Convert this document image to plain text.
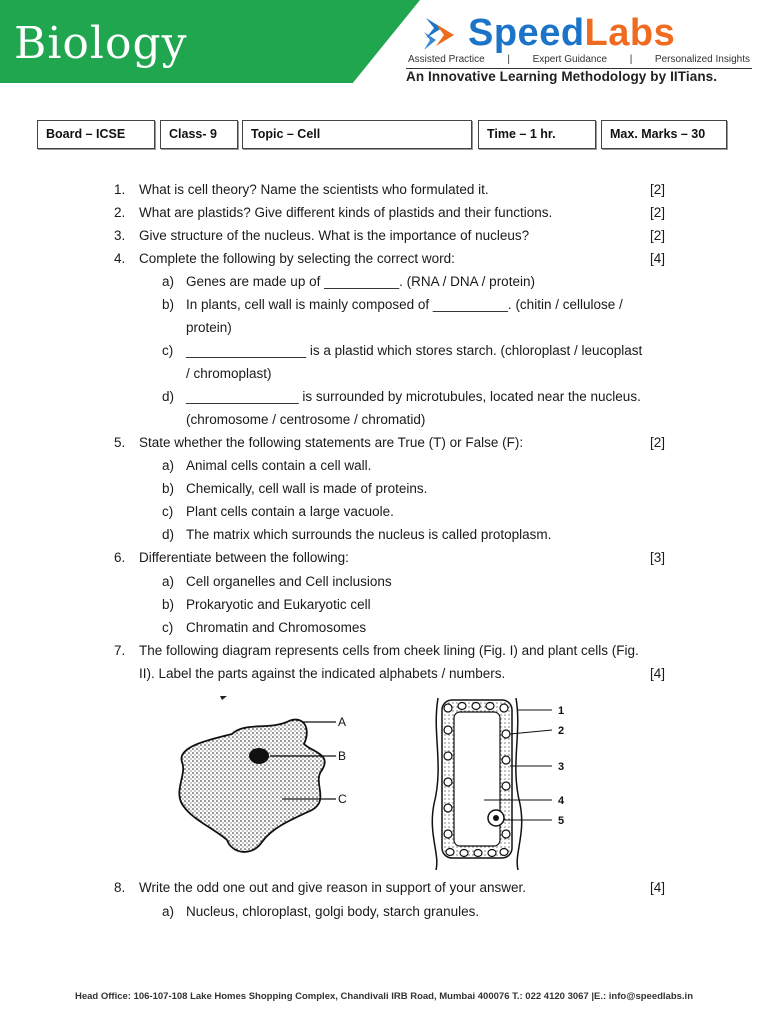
Biology	SpeedLabs
Assisted Practice | Expert Guidance | Personalized Insights
An Innovative Learning Methodology by IITians.
Board – ICSE	Class- 9	Topic – Cell	Time – 1 hr.	Max. Marks – 30
1. What is cell theory? Name the scientists who formulated it.	[2]
2. What are plastids? Give different kinds of plastids and their functions.	[2]
3. Give structure of the nucleus. What is the importance of nucleus?	[2]
4. Complete the following by selecting the correct word:	[4]
a) Genes are made up of __________. (RNA / DNA / protein)
b) In plants, cell wall is mainly composed of __________. (chitin / cellulose /
protein)
c) ________________ is a plastid which stores starch. (chloroplast / leucoplast
/ chromoplast)
d) _______________ is surrounded by microtubules, located near the nucleus.
(chromosome / centrosome / chromatid)
5. State whether the following statements are True (T) or False (F):	[2]
a) Animal cells contain a cell wall.
b) Chemically, cell wall is made of proteins.
c) Plant cells contain a large vacuole.
d) The matrix which surrounds the nucleus is called protoplasm.
6. Differentiate between the following:	[3]
a) Cell organelles and Cell inclusions
b) Prokaryotic and Eukaryotic cell
c) Chromatin and Chromosomes
7. The following diagram represents cells from cheek lining (Fig. I) and plant cells (Fig.
II). Label the parts against the indicated alphabets / numbers.	[4]
A
B
C
1
2
3
4
5
8. Write the odd one out and give reason in support of your answer.	[4]
a) Nucleus, chloroplast, golgi body, starch granules.
Head Office: 106-107-108 Lake Homes Shopping Complex, Chandivali IRB Road, Mumbai 400076 T.: 022 4120 3067 |E.: info@speedlabs.in
